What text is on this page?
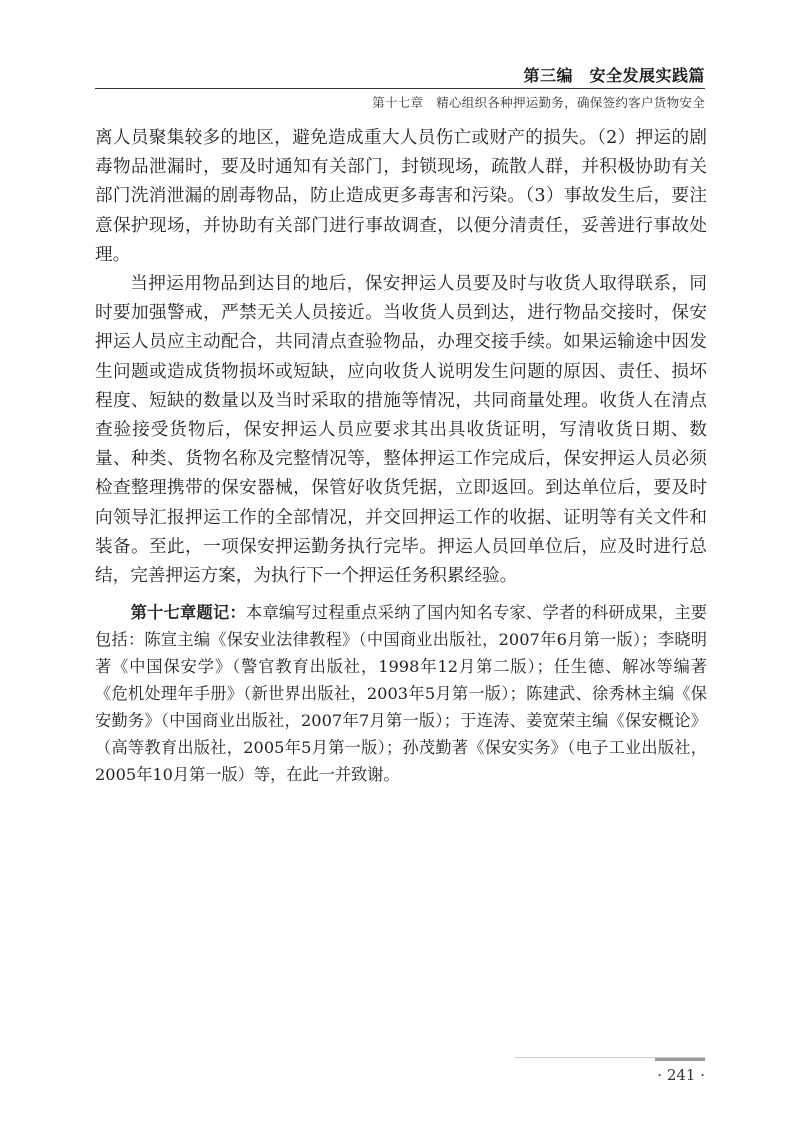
第三编　安全发展实践篇
第十七章　精心组织各种押运勤务，确保签约客户货物安全

离人员聚集较多的地区，避免造成重大人员伤亡或财产的损失。（2）押运的剧毒物品泄漏时，要及时通知有关部门，封锁现场，疏散人群，并积极协助有关部门洗消泄漏的剧毒物品，防止造成更多毒害和污染。（3）事故发生后，要注意保护现场，并协助有关部门进行事故调查，以便分清责任，妥善进行事故处理。

当押运用物品到达目的地后，保安押运人员要及时与收货人取得联系，同时要加强警戒，严禁无关人员接近。当收货人员到达，进行物品交接时，保安押运人员应主动配合，共同清点查验物品，办理交接手续。如果运输途中因发生问题或造成货物损坏或短缺，应向收货人说明发生问题的原因、责任、损坏程度、短缺的数量以及当时采取的措施等情况，共同商量处理。收货人在清点查验接受货物后，保安押运人员应要求其出具收货证明，写清收货日期、数量、种类、货物名称及完整情况等，整体押运工作完成后，保安押运人员必须检查整理携带的保安器械，保管好收货凭据，立即返回。到达单位后，要及时向领导汇报押运工作的全部情况，并交回押运工作的收据、证明等有关文件和装备。至此，一项保安押运勤务执行完毕。押运人员回单位后，应及时进行总结，完善押运方案，为执行下一个押运任务积累经验。

第十七章题记：本章编写过程重点采纳了国内知名专家、学者的科研成果，主要包括：陈宣主编《保安业法律教程》（中国商业出版社，2007年6月第一版）；李晓明著《中国保安学》（警官教育出版社，1998年12月第二版）；任生德、解冰等编著《危机处理年手册》（新世界出版社，2003年5月第一版）；陈建武、徐秀林主编《保安勤务》（中国商业出版社，2007年7月第一版）；于连涛、姜宽荣主编《保安概论》（高等教育出版社，2005年5月第一版）；孙茂勤著《保安实务》（电子工业出版社，2005年10月第一版）等，在此一并致谢。

· 241 ·
